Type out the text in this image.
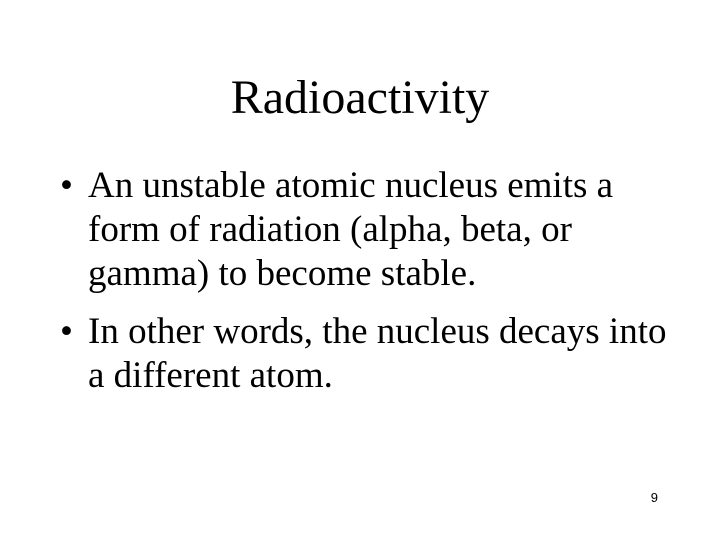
Radioactivity
• An unstable atomic nucleus emits a form of radiation (alpha, beta, or gamma) to become stable.
• In other words, the nucleus decays into a different atom.
9
